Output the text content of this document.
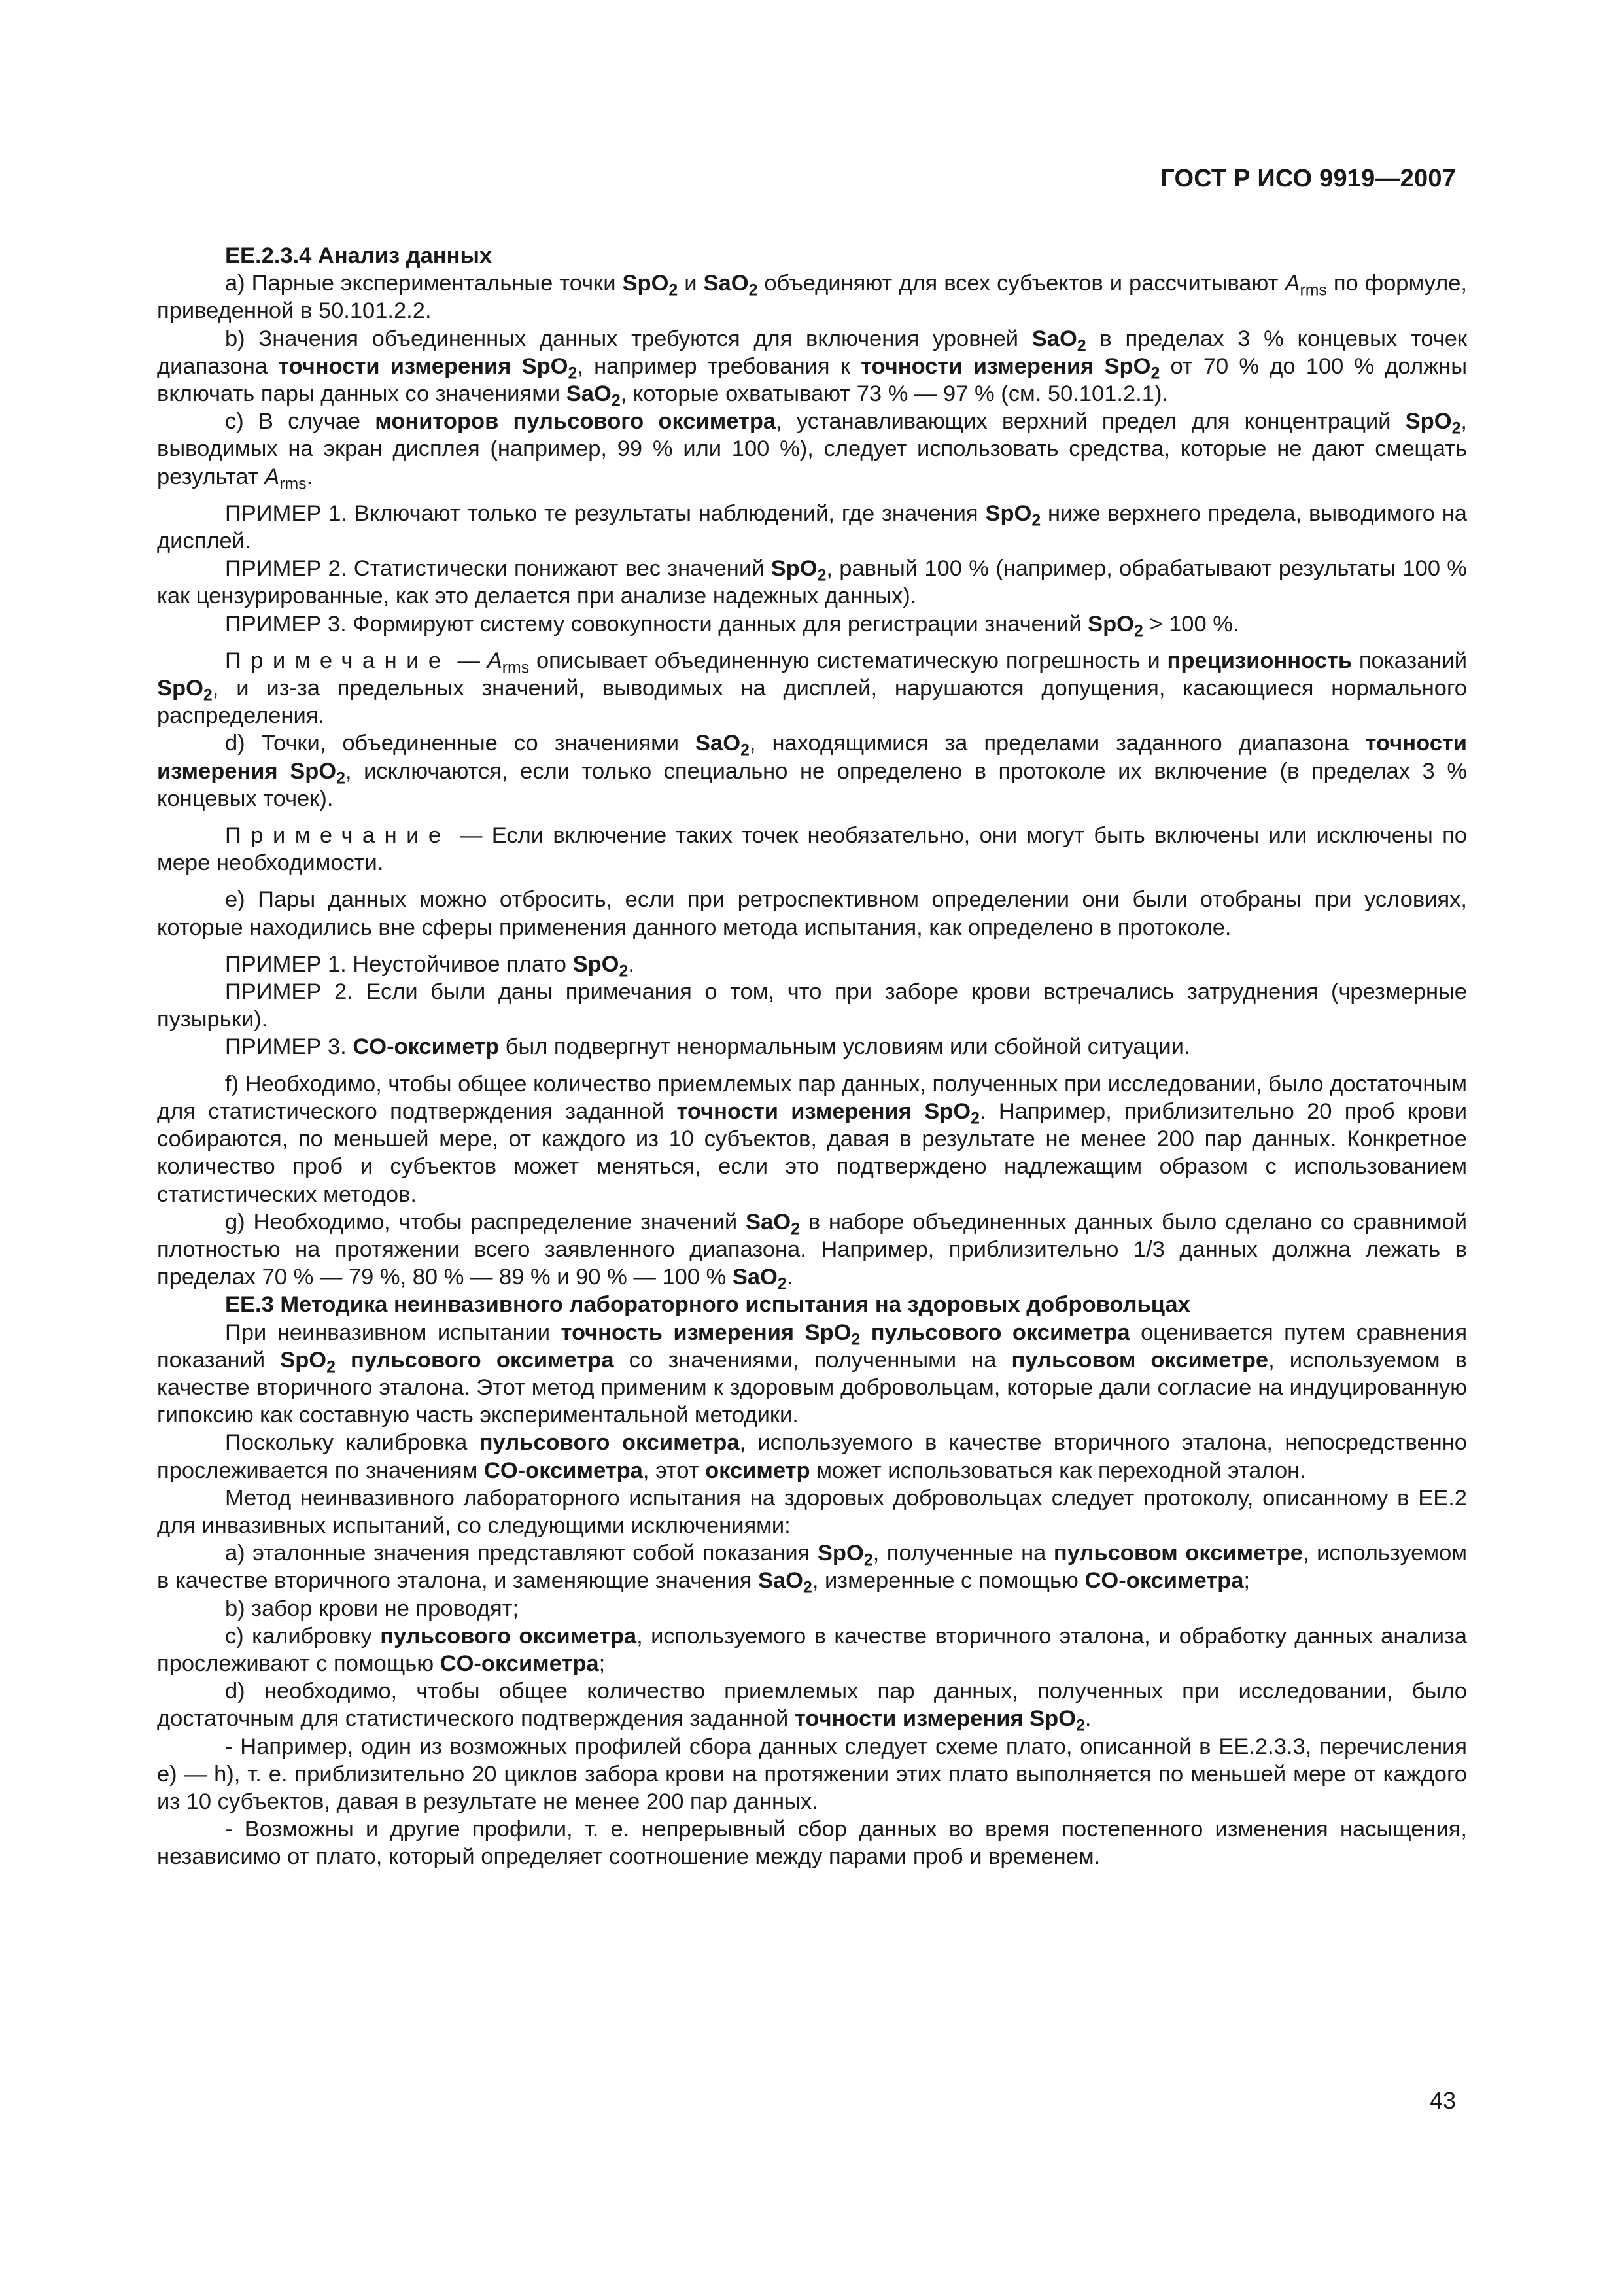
ГОСТ Р ИСО 9919—2007

EE.2.3.4 Анализ данных

a) Парные экспериментальные точки SpO$_2$ и SaO$_2$ объединяют для всех субъектов и рассчитывают $A_{rms}$ по формуле, приведенной в 50.101.2.2.

b) Значения объединенных данных требуются для включения уровней SaO$_2$ в пределах 3 % концевых точек диапазона точности измерения SpO$_2$, например требования к точности измерения SpO$_2$ от 70 % до 100 % должны включать пары данных со значениями SaO$_2$, которые охватывают 73 % — 97 % (см. 50.101.2.1).

c) В случае мониторов пульсового оксиметра, устанавливающих верхний предел для концентраций SpO$_2$, выводимых на экран дисплея (например, 99 % или 100 %), следует использовать средства, которые не дают смещать результат $A_{rms}$.

ПРИМЕР 1. Включают только те результаты наблюдений, где значения SpO$_2$ ниже верхнего предела, выводимого на дисплей.

ПРИМЕР 2. Статистически понижают вес значений SpO$_2$, равный 100 % (например, обрабатывают результаты 100 % как цензурированные, как это делается при анализе надежных данных).

ПРИМЕР 3. Формируют систему совокупности данных для регистрации значений SpO$_2$ > 100 %.

Примечание — $A_{rms}$ описывает объединенную систематическую погрешность и прецизионность показаний SpO$_2$, и из-за предельных значений, выводимых на дисплей, нарушаются допущения, касающиеся нормального распределения.

d) Точки, объединенные со значениями SaO$_2$, находящимися за пределами заданного диапазона точности измерения SpO$_2$, исключаются, если только специально не определено в протоколе их включение (в пределах 3 % концевых точек).

Примечание — Если включение таких точек необязательно, они могут быть включены или исключены по мере необходимости.

e) Пары данных можно отбросить, если при ретроспективном определении они были отобраны при условиях, которые находились вне сферы применения данного метода испытания, как определено в протоколе.

ПРИМЕР 1. Неустойчивое плато SpO$_2$.

ПРИМЕР 2. Если были даны примечания о том, что при заборе крови встречались затруднения (чрезмерные пузырьки).

ПРИМЕР 3. CO-оксиметр был подвергнут ненормальным условиям или сбойной ситуации.

f) Необходимо, чтобы общее количество приемлемых пар данных, полученных при исследовании, было достаточным для статистического подтверждения заданной точности измерения SpO$_2$. Например, приблизительно 20 проб крови собираются, по меньшей мере, от каждого из 10 субъектов, давая в результате не менее 200 пар данных. Конкретное количество проб и субъектов может меняться, если это подтверждено надлежащим образом с использованием статистических методов.

g) Необходимо, чтобы распределение значений SaO$_2$ в наборе объединенных данных было сделано со сравнимой плотностью на протяжении всего заявленного диапазона. Например, приблизительно 1/3 данных должна лежать в пределах 70 % — 79 %, 80 % — 89 % и 90 % — 100 % SaO$_2$.

EE.3 Методика неинвазивного лабораторного испытания на здоровых добровольцах

При неинвазивном испытании точность измерения SpO$_2$ пульсового оксиметра оценивается путем сравнения показаний SpO$_2$ пульсового оксиметра со значениями, полученными на пульсовом оксиметре, используемом в качестве вторичного эталона. Этот метод применим к здоровым добровольцам, которые дали согласие на индуцированную гипоксию как составную часть экспериментальной методики.

Поскольку калибровка пульсового оксиметра, используемого в качестве вторичного эталона, непосредственно прослеживается по значениям CO-оксиметра, этот оксиметр может использоваться как переходной эталон.

Метод неинвазивного лабораторного испытания на здоровых добровольцах следует протоколу, описанному в EE.2 для инвазивных испытаний, со следующими исключениями:

a) эталонные значения представляют собой показания SpO$_2$, полученные на пульсовом оксиметре, используемом в качестве вторичного эталона, и заменяющие значения SaO$_2$, измеренные с помощью CO-оксиметра;

b) забор крови не проводят;

c) калибровку пульсового оксиметра, используемого в качестве вторичного эталона, и обработку данных анализа прослеживают с помощью CO-оксиметра;

d) необходимо, чтобы общее количество приемлемых пар данных, полученных при исследовании, было достаточным для статистического подтверждения заданной точности измерения SpO$_2$.

- Например, один из возможных профилей сбора данных следует схеме плато, описанной в EE.2.3.3, перечисления e) — h), т. е. приблизительно 20 циклов забора крови на протяжении этих плато выполняется по меньшей мере от каждого из 10 субъектов, давая в результате не менее 200 пар данных.

- Возможны и другие профили, т. е. непрерывный сбор данных во время постепенного изменения насыщения, независимо от плато, который определяет соотношение между парами проб и временем.

43
